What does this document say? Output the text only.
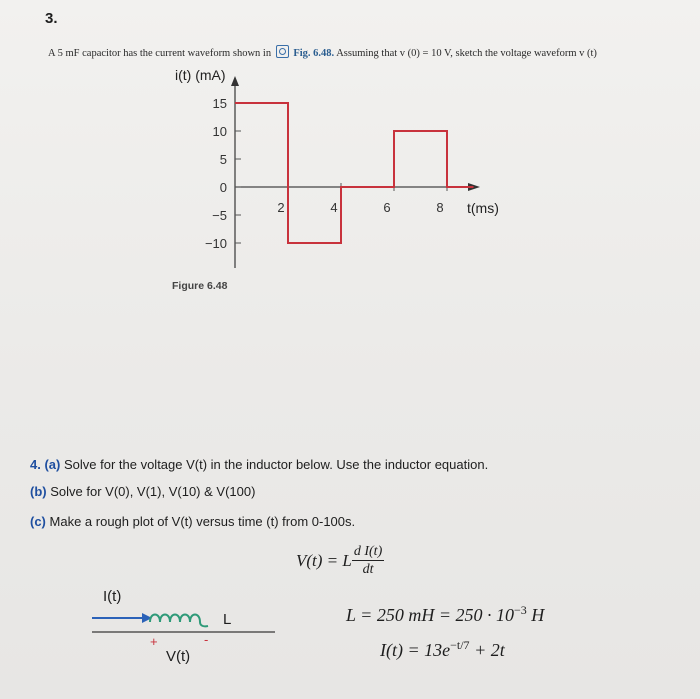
3.
A 5 mF capacitor has the current waveform shown in Fig. 6.48. Assuming that v (0) = 10 V, sketch the voltage waveform v (t)
15
10
5
0
−5
−10
2	4	6	8
i(t) (mA)
t(ms)
Figure 6.48
4. (a) Solve for the voltage V(t) in the inductor below. Use the inductor equation.
(b) Solve for V(0), V(1), V(10) & V(100)
(c) Make a rough plot of V(t) versus time (t) from 0-100s.
V(t) = L $\frac{\text{d I(t)}}{dt}$
I(t)
L
+	-
V(t)
L = 250 mH = $250 \cdot 10^{-3}$ H
$I(t) = 13e^{-t/7} + 2t$
